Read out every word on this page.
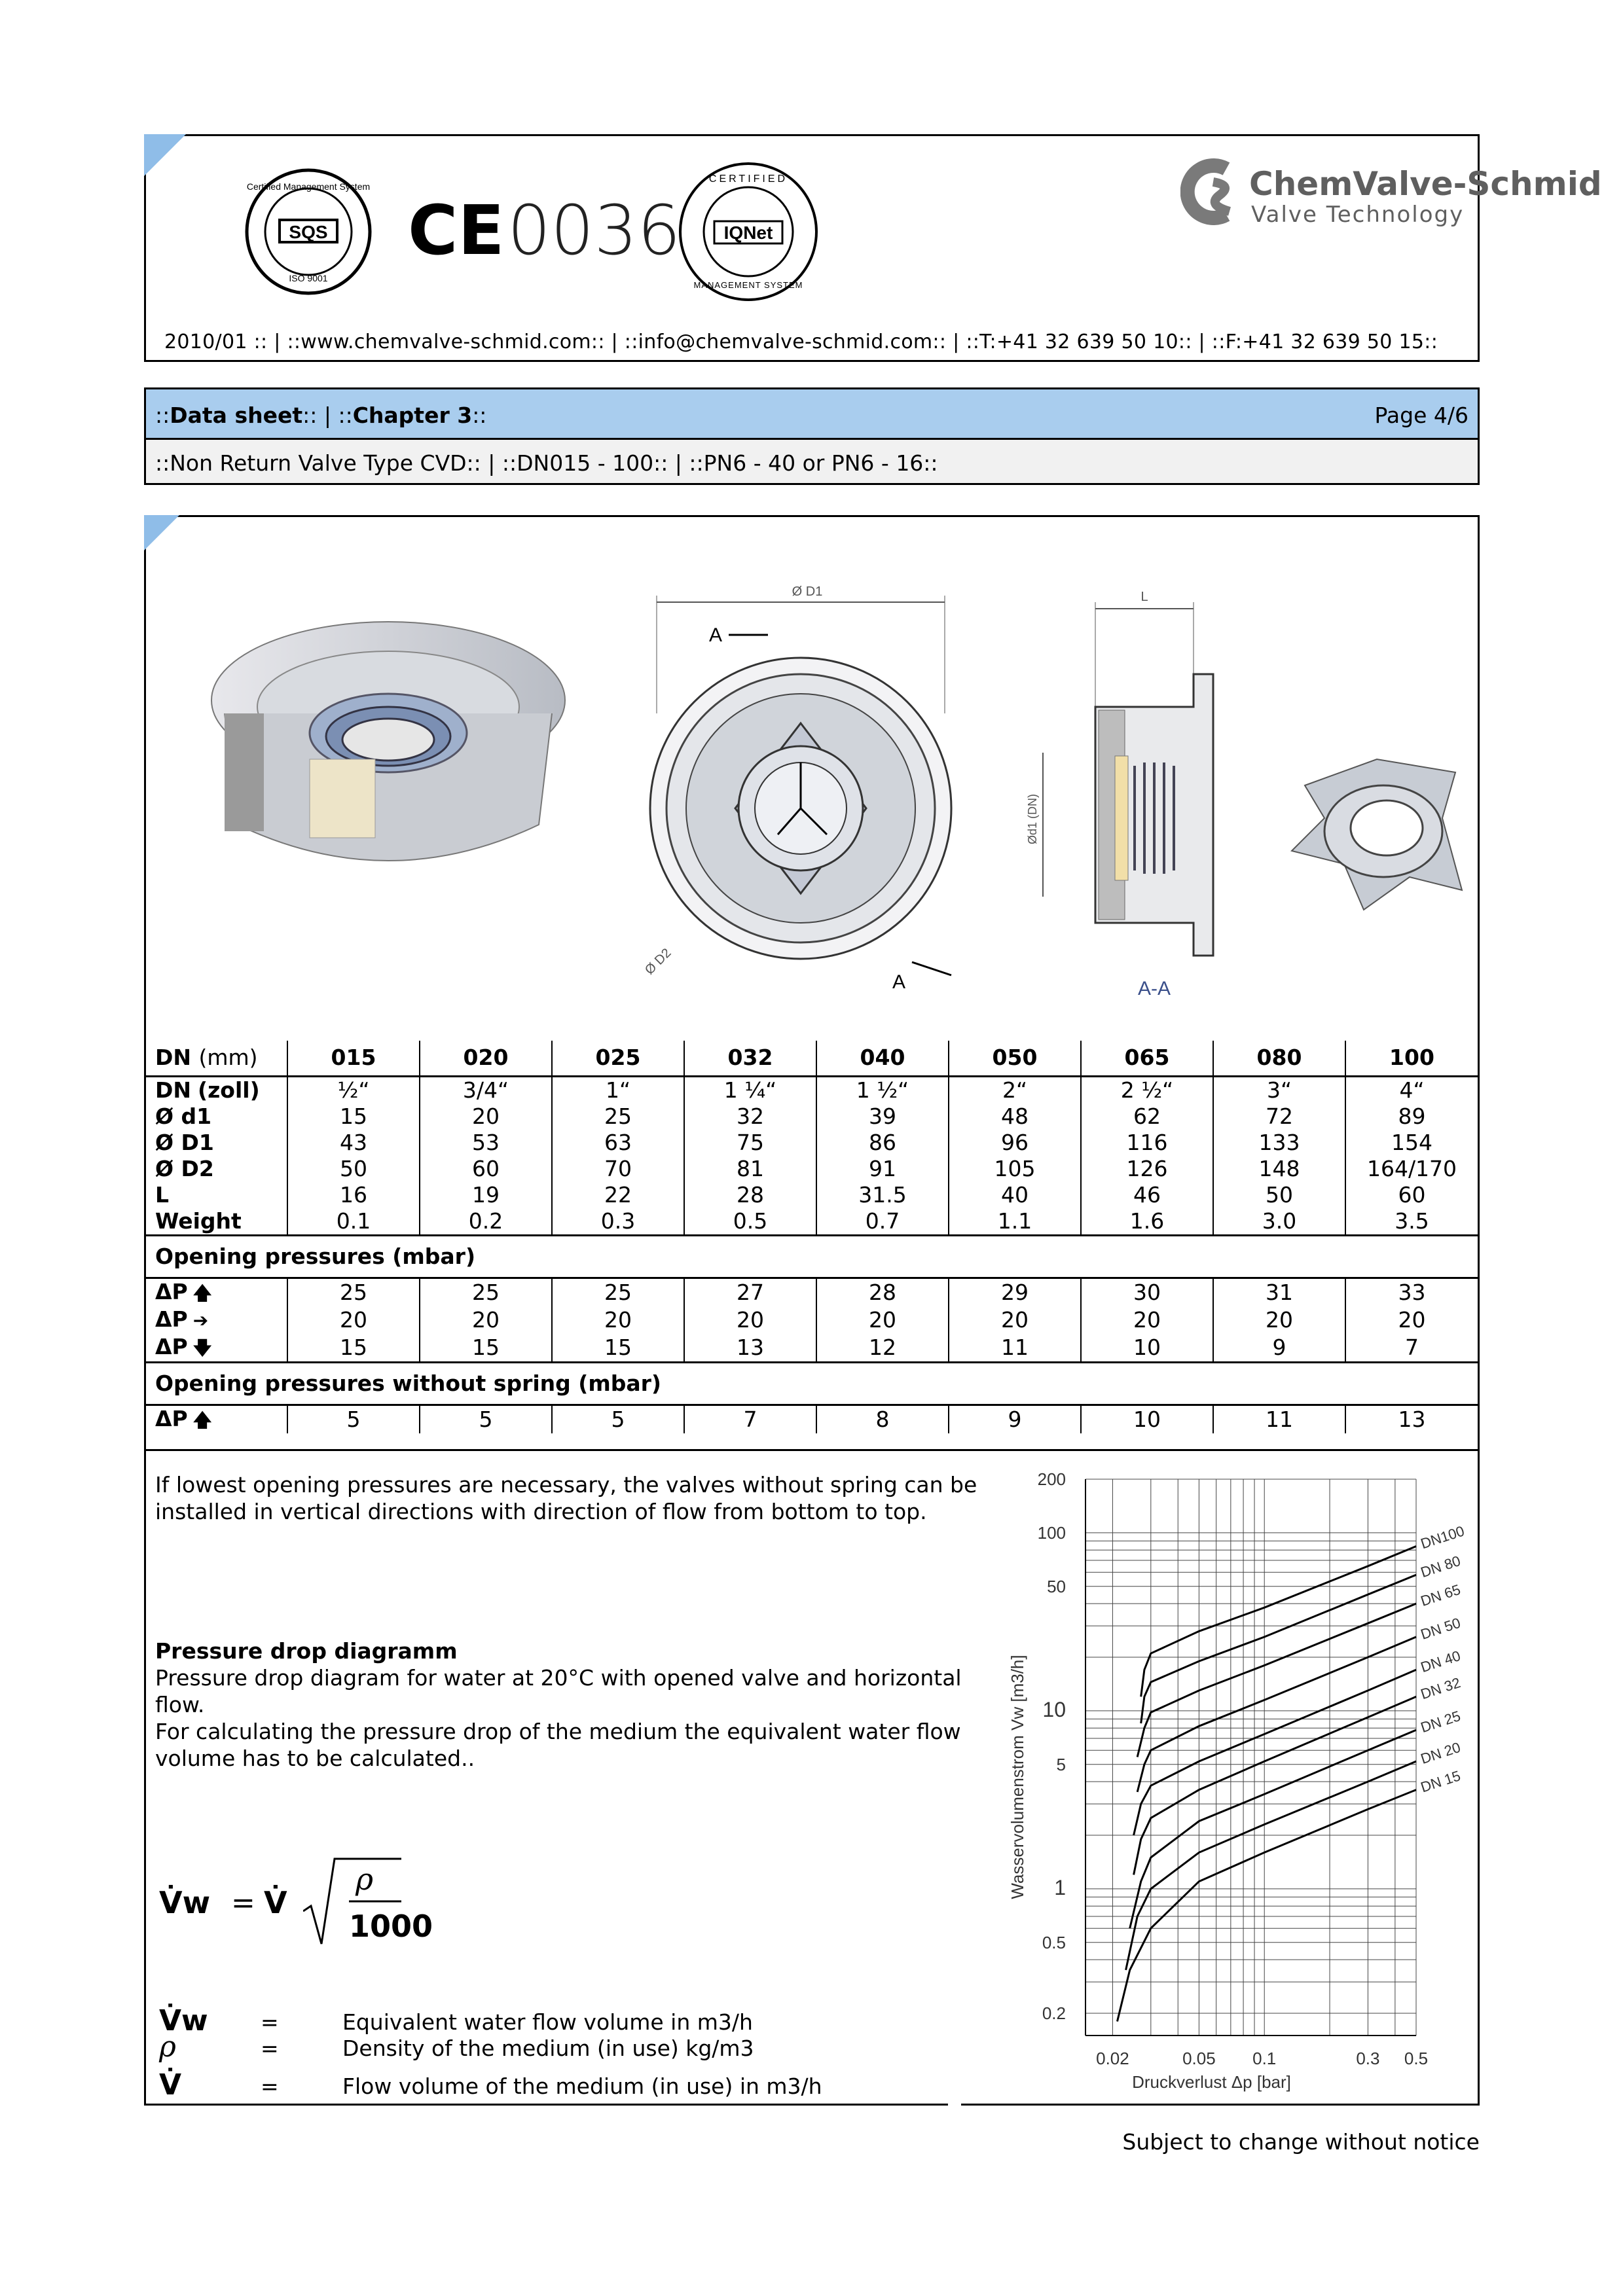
Certified Management System
SQS
ISO 9001
CE 0036
CERTIFIED
IQNet
MANAGEMENT SYSTEM
ChemValve-Schmid
Valve Technology
2010/01 :: | ::www.chemvalve-schmid.com:: | ::info@chemvalve-schmid.com:: | ::T:+41 32 639 50 10:: | ::F:+41 32 639 50 15::
::Data sheet:: | ::Chapter 3::	Page 4/6
::Non Return Valve Type CVD:: | ::DN015 - 100:: | ::PN6 - 40 or PN6 - 16::
Ø D1
A
Ø D2
A
L
Ød1 (DN)
A-A
DN (mm)	015	020	025	032	040	050	065	080	100
DN (zoll)	½“	3/4“	1“	1 ¼“	1 ½“	2“	2 ½“	3“	4“
Ø d1	15	20	25	32	39	48	62	72	89
Ø D1	43	53	63	75	86	96	116	133	154
Ø D2	50	60	70	81	91	105	126	148	164/170
L	16	19	22	28	31.5	40	46	50	60
Weight	0.1	0.2	0.3	0.5	0.7	1.1	1.6	3.0	3.5
Opening pressures (mbar)									
ΔP 🡅	25	25	25	27	28	29	30	31	33
ΔP ➔	20	20	20	20	20	20	20	20	20
ΔP 🡇	15	15	15	13	12	11	10	9	7
Opening pressures without spring (mbar)									
ΔP 🡅	5	5	5	7	8	9	10	11	13
If lowest opening pressures are necessary, the valves without spring can be installed in vertical directions with direction of flow from bottom to top.
Pressure drop diagramm
Pressure drop diagram for water at 20°C with opened valve and horizontal flow.
For calculating the pressure drop of the medium the equivalent water flow volume has to be calculated..
V̇w = V̇
ρ
1000
V̇w =	Equivalent water flow volume in m3/h
ρ	=	Density of the medium (in use) kg/m3
V̇	=	Flow volume of the medium (in use) in m3/h
0.02	0.05 0.1	0.3 0.5
0.2
0.5
1
5
10
50
100
200
Druckverlust Δp [bar]
Wasservolumenstrom Vw [m3/h]	DN 15
DN 20
DN 25
DN 32
DN 40
DN 50
DN 65
DN 80
DN100
Subject to change without notice
